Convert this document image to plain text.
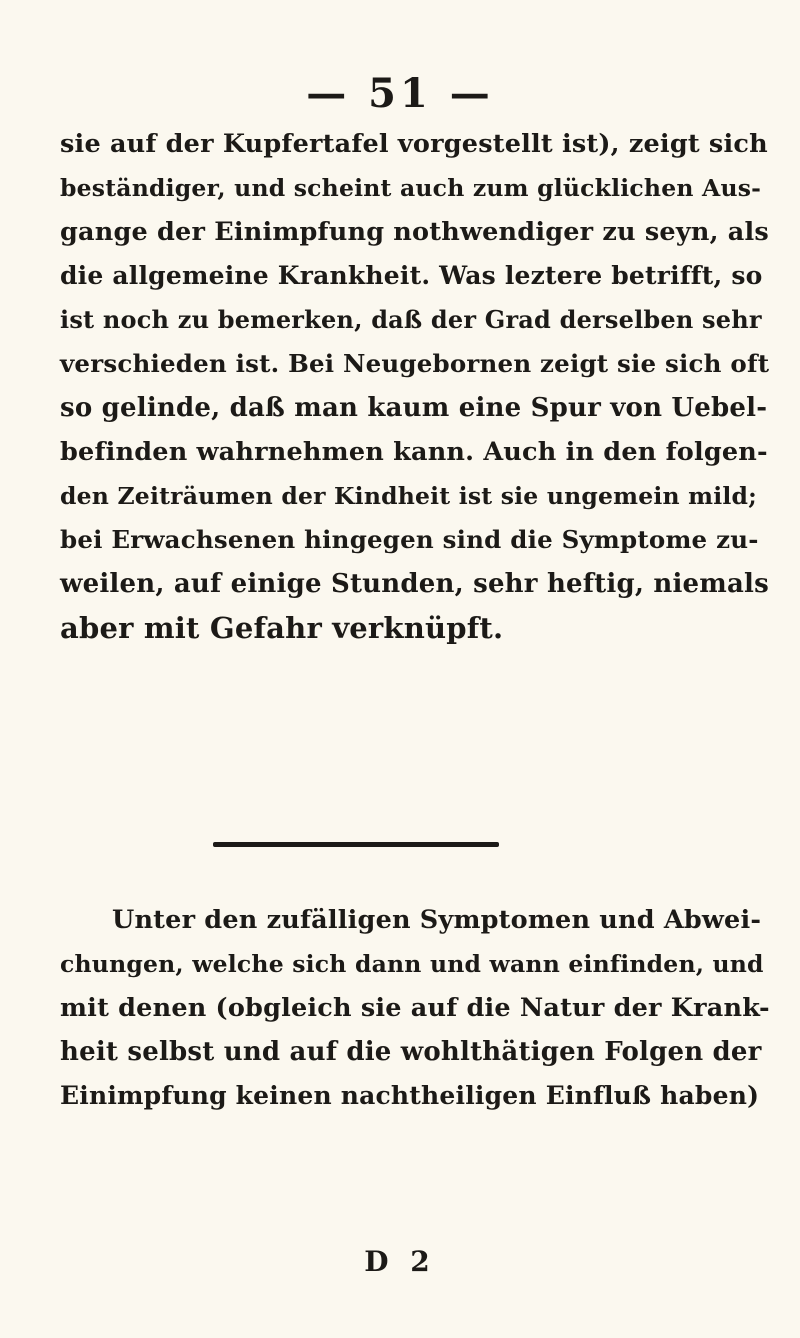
— 51 —
sie auf der Kupfertafel vorgestellt ist), zeigt sich
beständiger, und scheint auch zum glücklichen Aus-
gange der Einimpfung nothwendiger zu seyn, als
die allgemeine Krankheit. Was leztere betrifft, so
ist noch zu bemerken, daß der Grad derselben sehr
verschieden ist. Bei Neugebornen zeigt sie sich oft
so gelinde, daß man kaum eine Spur von Uebel-
befinden wahrnehmen kann. Auch in den folgen-
den Zeiträumen der Kindheit ist sie ungemein mild;
bei Erwachsenen hingegen sind die Symptome zu-
weilen, auf einige Stunden, sehr heftig, niemals
aber mit Gefahr verknüpft.
Unter den zufälligen Symptomen und Abwei-
chungen, welche sich dann und wann einfinden, und
mit denen (obgleich sie auf die Natur der Krank-
heit selbst und auf die wohlthätigen Folgen der
Einimpfung keinen nachtheiligen Einfluß haben)
D 2
